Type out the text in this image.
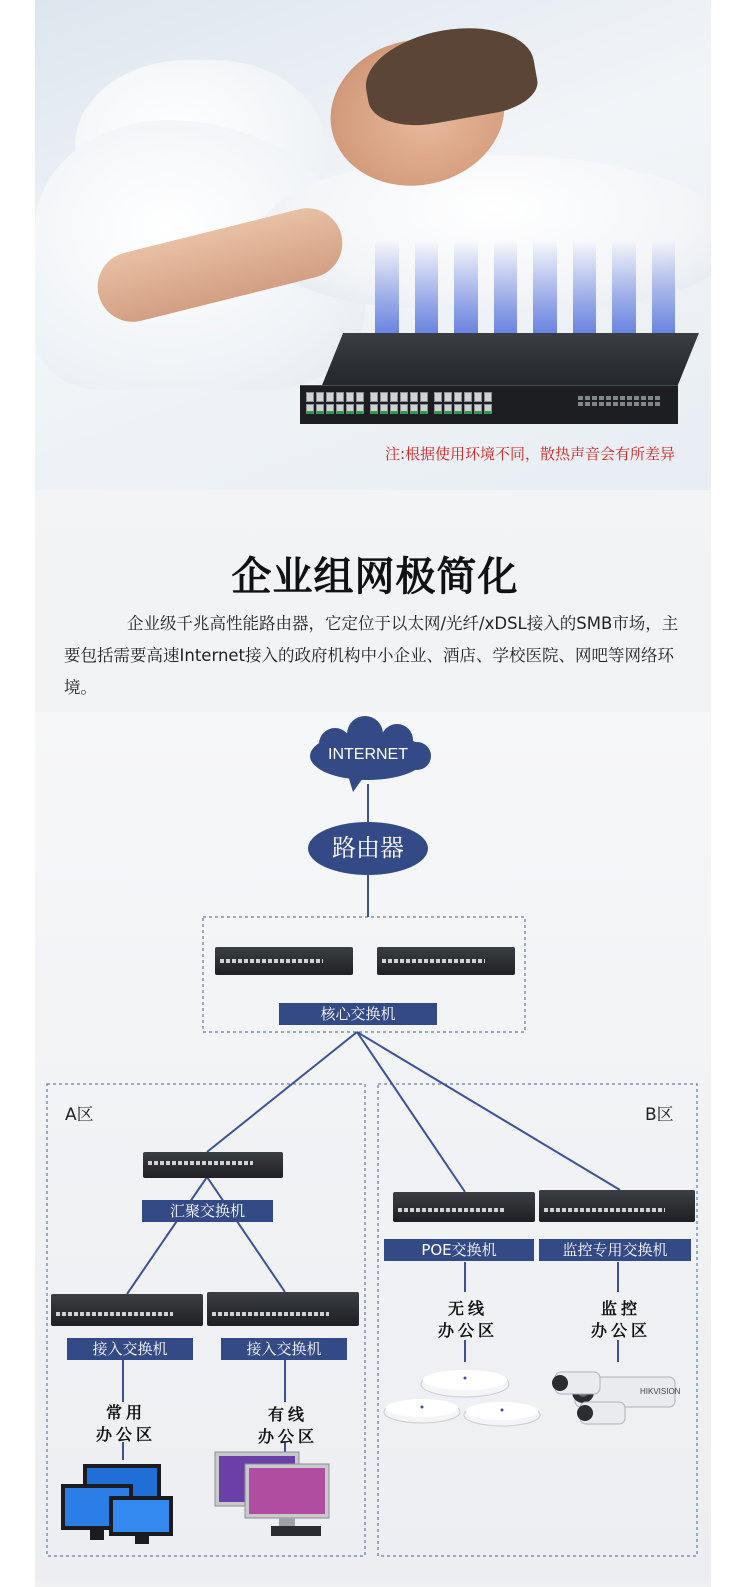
注:根据使用环境不同，散热声音会有所差异
企业组网极简化
企业级千兆高性能路由器，它定位于以太网/光纤/xDSL接入的SMB市场，主要包括需要高速Internet接入的政府机构中小企业、酒店、学校医院、网吧等网络环境。
INTERNET
路由器
核心交换机
A区	B区
汇聚交换机
接入交换机	接入交换机
POE交换机	监控专用交换机
常用
办公区
有线
办公区
无线
办公区
监控
办公区
HIKVISION
